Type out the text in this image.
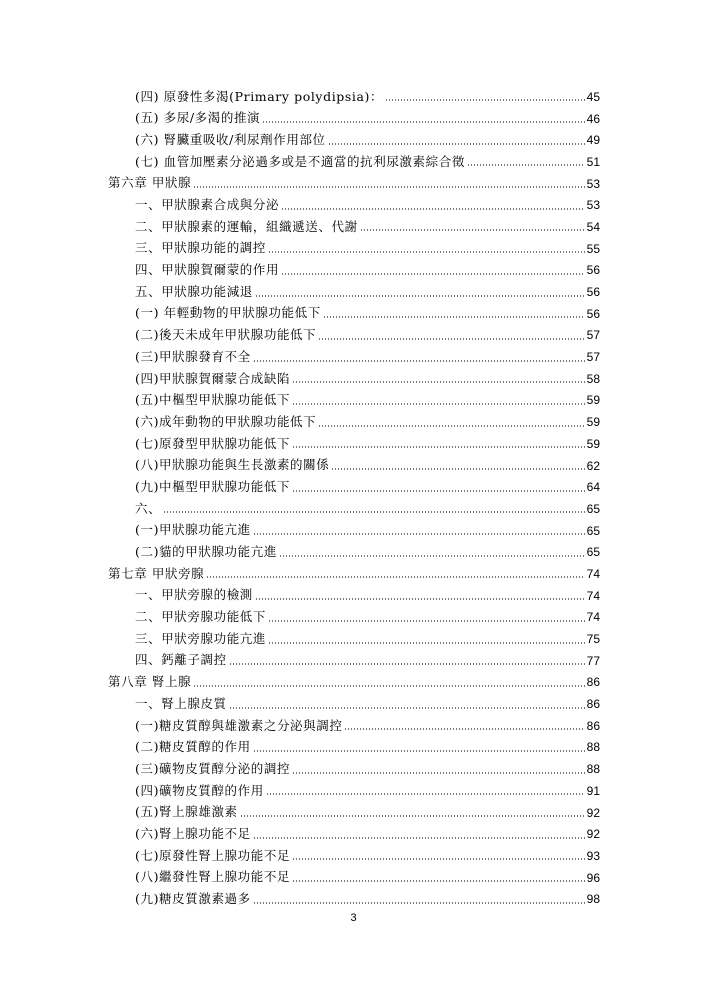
(四) 原發性多渴(Primary polydipsia)：	45
(五) 多尿/多渴的推演	46
(六) 腎臟重吸收/利尿劑作用部位	49
(七) 血管加壓素分泌過多或是不適當的抗利尿激素綜合徵	51
第六章 甲狀腺	53
一、甲狀腺素合成與分泌	53
二、甲狀腺素的運輸，組織遞送、代謝	54
三、甲狀腺功能的調控	55
四、甲狀腺賀爾蒙的作用	56
五、甲狀腺功能減退	56
(一) 年輕動物的甲狀腺功能低下	56
(二)後天未成年甲狀腺功能低下	57
(三)甲狀腺發育不全	57
(四)甲狀腺賀爾蒙合成缺陷	58
(五)中樞型甲狀腺功能低下	59
(六)成年動物的甲狀腺功能低下	59
(七)原發型甲狀腺功能低下	59
(八)甲狀腺功能與生長激素的關係	62
(九)中樞型甲狀腺功能低下	64
六、	65
(一)甲狀腺功能亢進	65
(二)貓的甲狀腺功能亢進	65
第七章 甲狀旁腺	74
一、甲狀旁腺的檢測	74
二、甲狀旁腺功能低下	74
三、甲狀旁腺功能亢進	75
四、鈣離子調控	77
第八章 腎上腺	86
一、腎上腺皮質	86
(一)糖皮質醇與雄激素之分泌與調控	86
(二)糖皮質醇的作用	88
(三)礦物皮質醇分泌的調控	88
(四)礦物皮質醇的作用	91
(五)腎上腺雄激素	92
(六)腎上腺功能不足	92
(七)原發性腎上腺功能不足	93
(八)繼發性腎上腺功能不足	96
(九)糖皮質激素過多	98
3
